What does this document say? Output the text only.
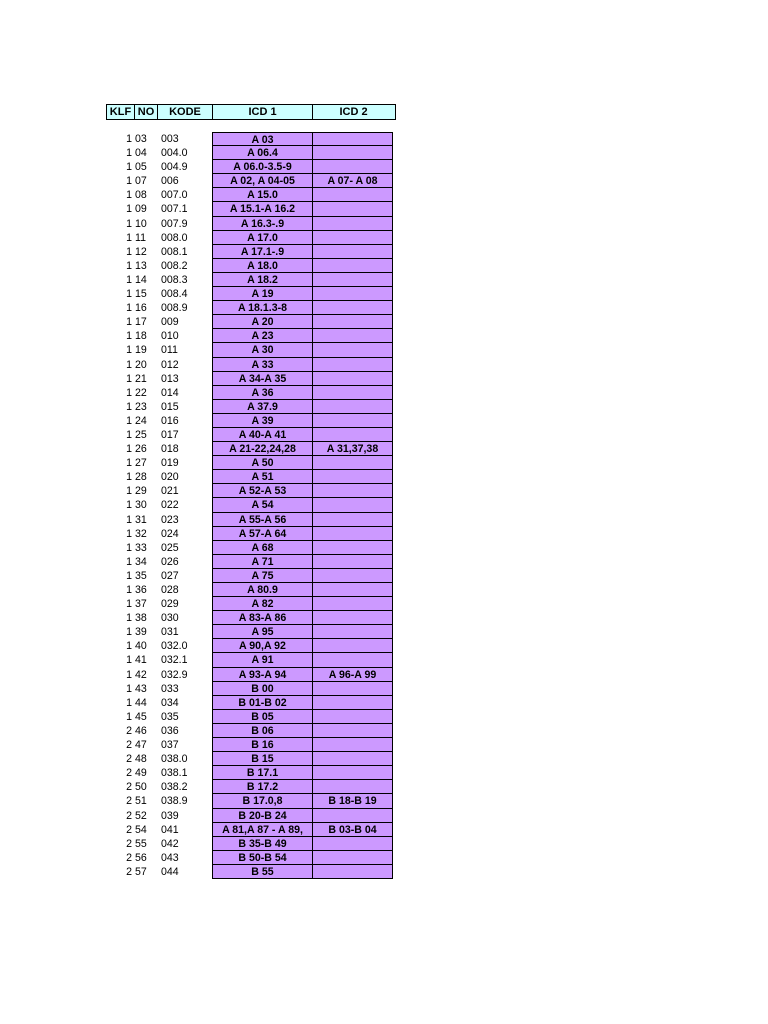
KLF NO	KODE	ICD 1	ICD 2
1 03	003	A 03
1 04	004.0	A 06.4
1 05	004.9	A 06.0-3.5-9
1 07	006	A 02, A 04-05	A 07- A 08
1 08	007.0	A 15.0
1 09	007.1	A 15.1-A 16.2
1 10	007.9	A 16.3-.9
1 11	008.0	A 17.0
1 12	008.1	A 17.1-.9
1 13	008.2	A 18.0
1 14	008.3	A 18.2
1 15	008.4	A 19
1 16	008.9	A 18.1.3-8
1 17	009	A 20
1 18	010	A 23
1 19	011	A 30
1 20	012	A 33
1 21	013	A 34-A 35
1 22	014	A 36
1 23	015	A 37.9
1 24	016	A 39
1 25	017	A 40-A 41
1 26	018	A 21-22,24,28	A 31,37,38
1 27	019	A 50
1 28	020	A 51
1 29	021	A 52-A 53
1 30	022	A 54
1 31	023	A 55-A 56
1 32	024	A 57-A 64
1 33	025	A 68
1 34	026	A 71
1 35	027	A 75
1 36	028	A 80.9
1 37	029	A 82
1 38	030	A 83-A 86
1 39	031	A 95
1 40	032.0	A 90,A 92
1 41	032.1	A 91
1 42	032.9	A 93-A 94	A 96-A 99
1 43	033	B 00
1 44	034	B 01-B 02
1 45	035	B 05
2 46	036	B 06
2 47	037	B 16
2 48	038.0	B 15
2 49	038.1	B 17.1
2 50	038.2	B 17.2
2 51	038.9	B 17.0,8	B 18-B 19
2 52	039	B 20-B 24
2 54	041	A 81,A 87 - A 89,	B 03-B 04
2 55	042	B 35-B 49
2 56	043	B 50-B 54
2 57	044	B 55
